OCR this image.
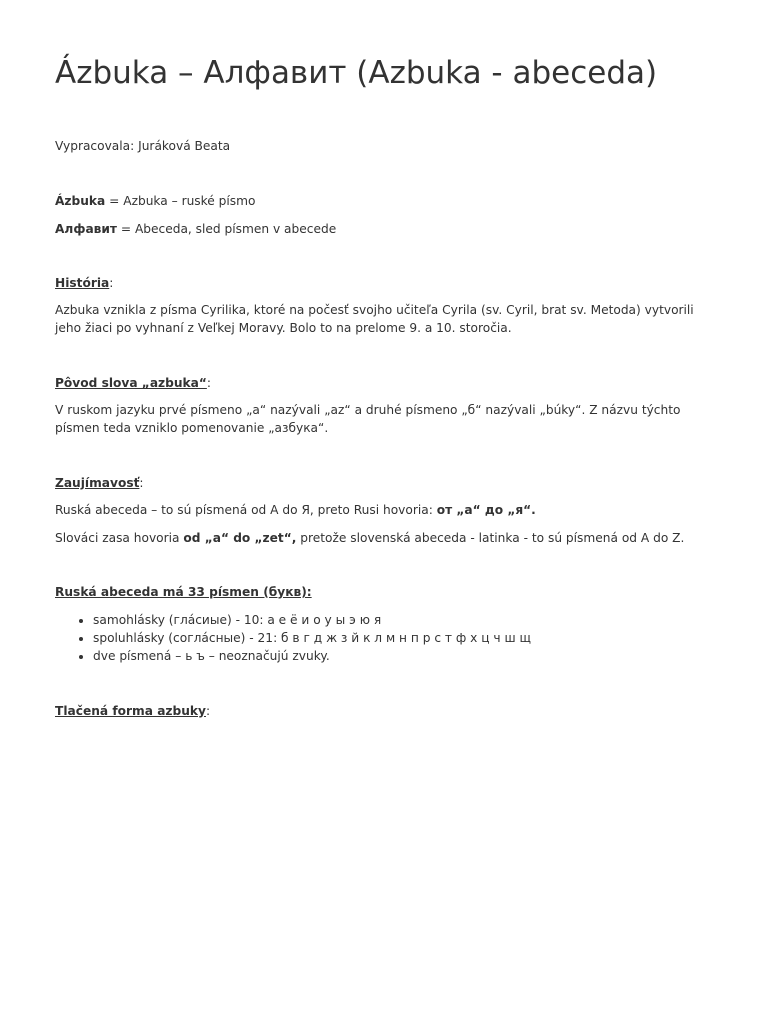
Ázbuka – Алфавит (Azbuka - abeceda)

Vypracovala: Juráková Beata

Ázbuka = Azbuka – ruské písmo

Алфавит = Abeceda, sled písmen v abecede

História:

Azbuka vznikla z písma Cyrilika, ktoré na počesť svojho učiteľa Cyrila (sv. Cyril, brat sv. Metoda) vytvorili jeho žiaci po vyhnaní z Veľkej Moravy. Bolo to na prelome 9. a 10. storočia.

Pôvod slova „azbuka“:

V ruskom jazyku prvé písmeno „а“ nazývali „az“ a druhé písmeno „б“ nazývali „búky“. Z názvu týchto písmen teda vzniklo pomenovanie „азбука“.

Zaujímavosť:

Ruská abeceda – to sú písmená od A do Я, preto Rusi hovoria: от „а“ до „я“.

Slováci zasa hovoria od „a“ do „zet“, pretože slovenská abeceda - latinka - to sú písmená od A do Z.

Ruská abeceda má 33 písmen (букв):

• samohlásky (глáсиые) - 10: а е ё и о у ы э ю я
• spoluhlásky (соглáсные) - 21: б в г д ж з й к л м н п р с т ф х ц ч ш щ
• dve písmená – ь ъ – neoznačujú zvuky.

Tlačená forma azbuky:
